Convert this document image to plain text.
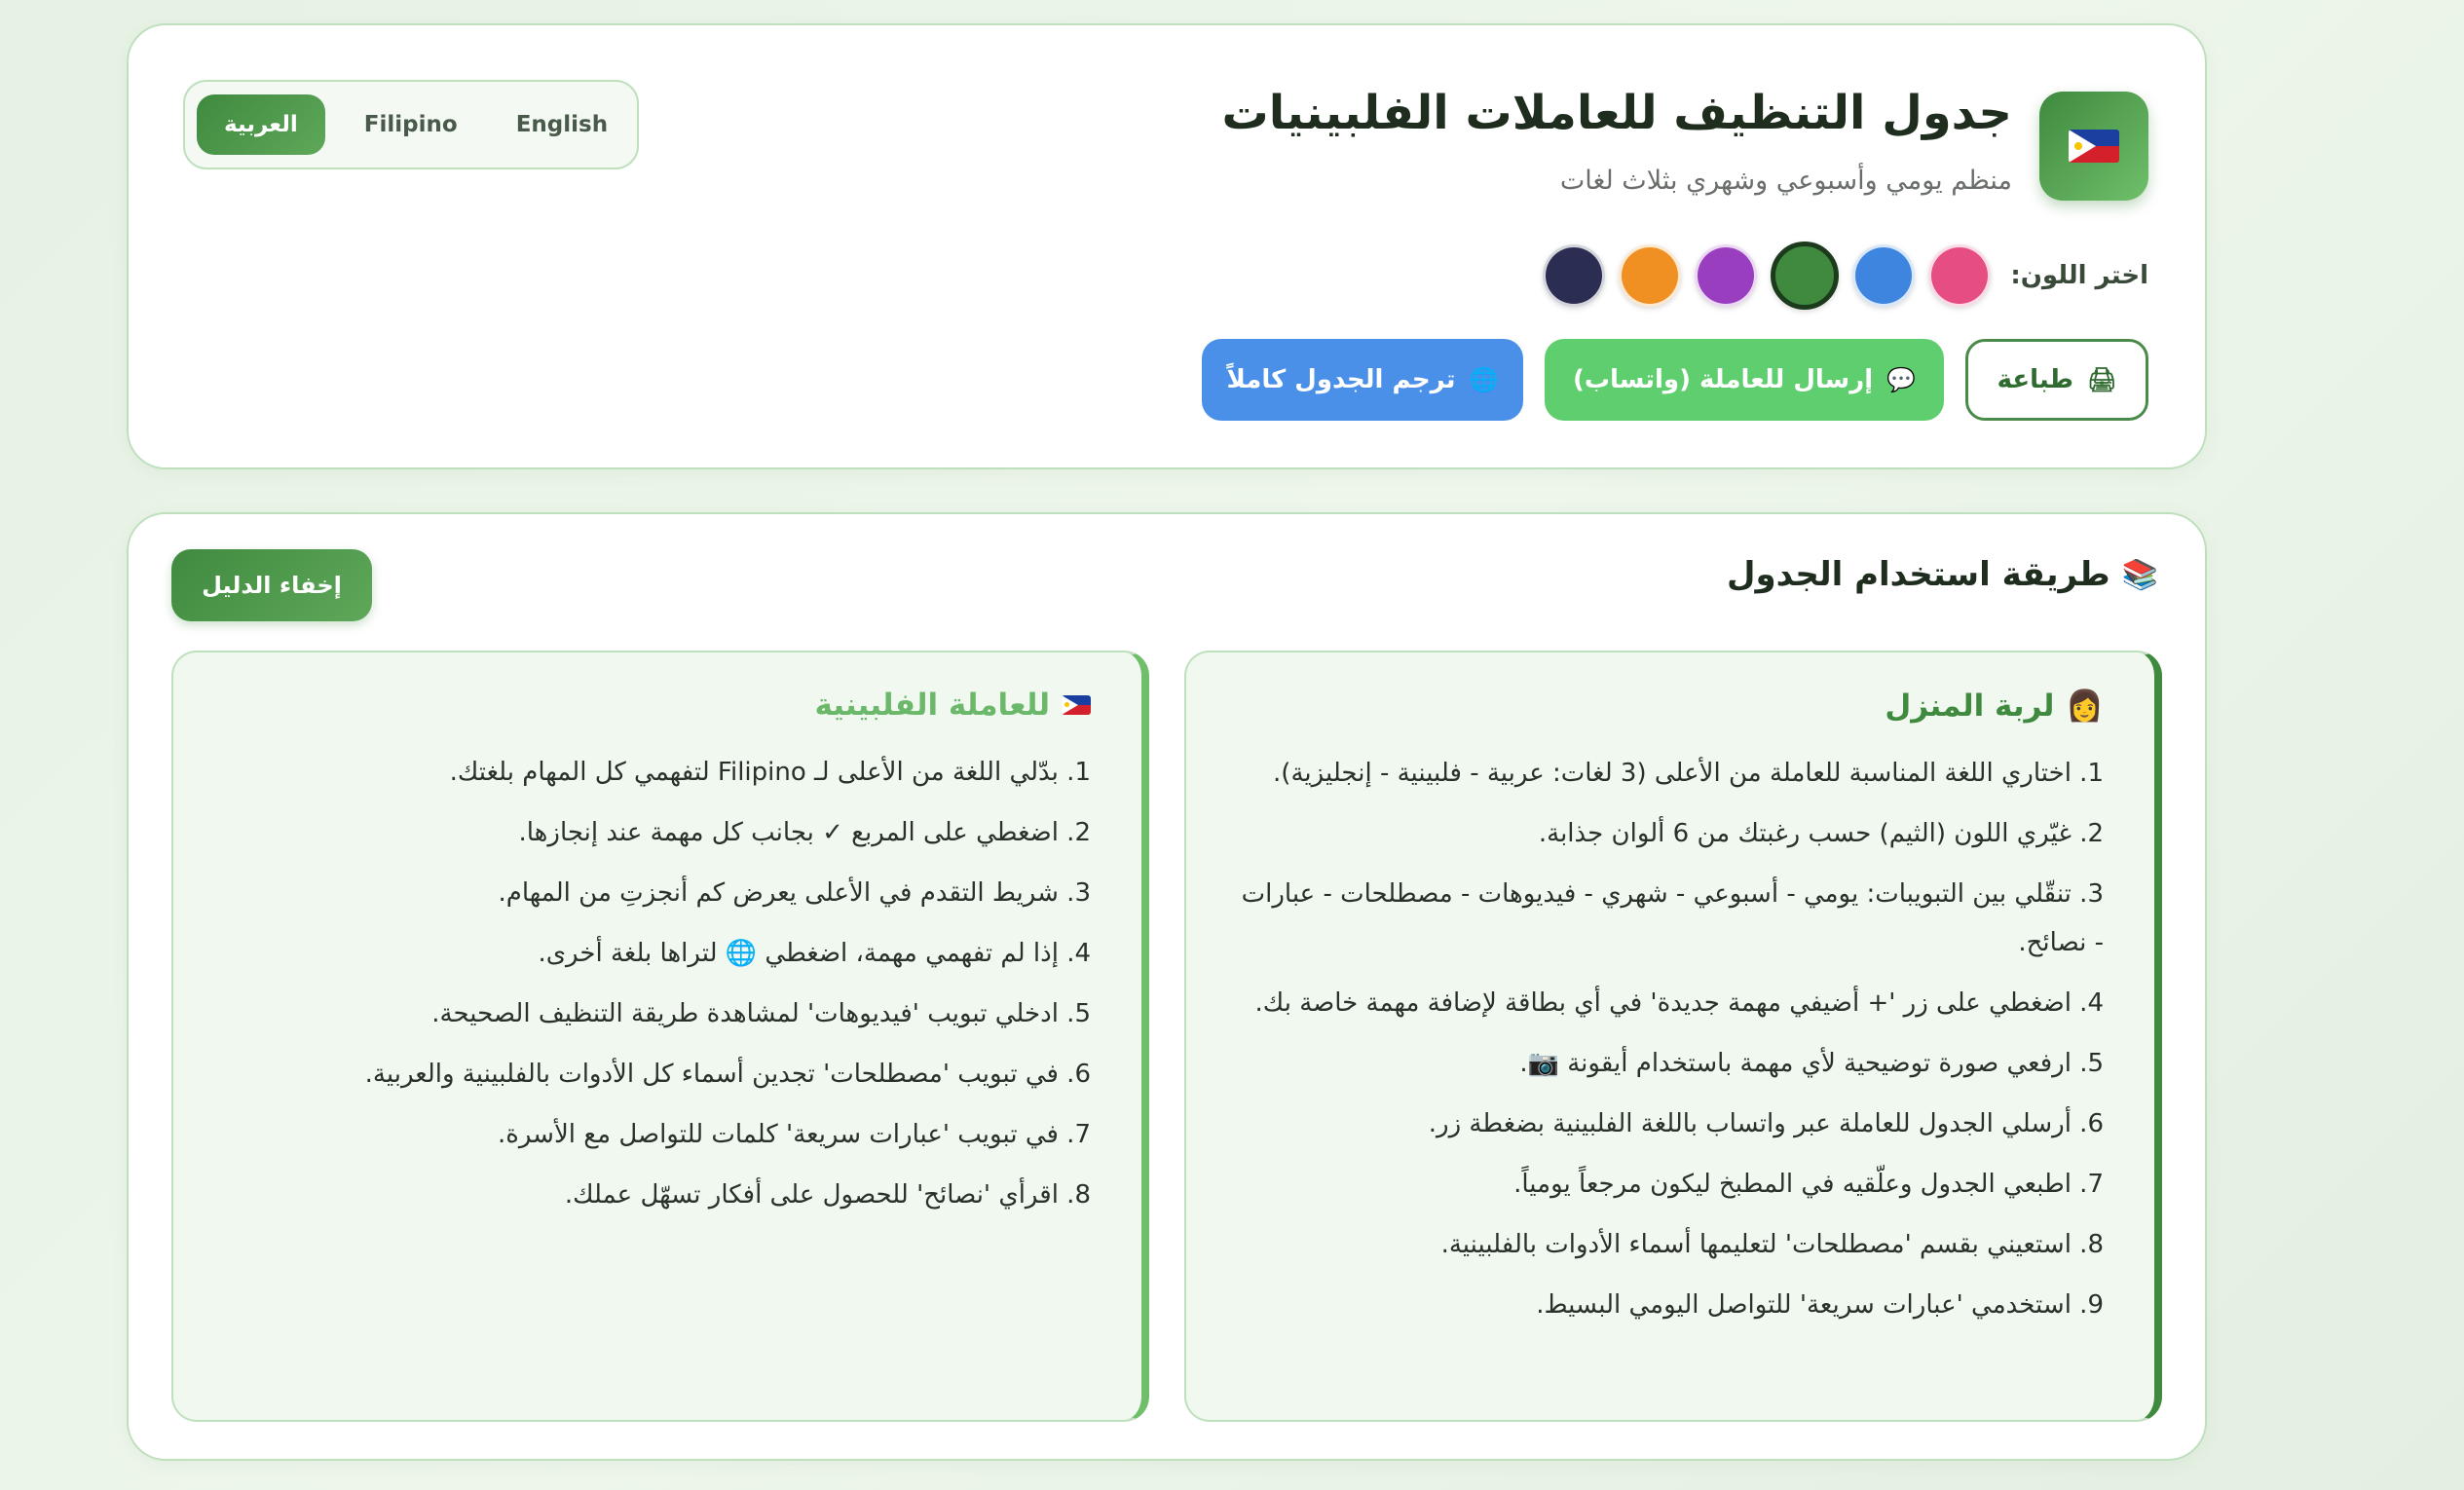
جدول التنظيف للعاملات الفلبينيات
منظم يومي وأسبوعي وشهري بثلاث لغات
العربية	Filipino	English
اختر اللون:
🖨
طباعة
💬
إرسال للعاملة (واتساب)
🌐
ترجم الجدول كاملاً
📚
طريقة استخدام الجدول
إخفاء الدليل
👩
لربة المنزل
1. اختاري اللغة المناسبة للعاملة من الأعلى (3 لغات: عربية - فلبينية - إنجليزية).
2. غيّري اللون (الثيم) حسب رغبتك من 6 ألوان جذابة.
3. تنقّلي بين التبويبات: يومي - أسبوعي - شهري - فيديوهات - مصطلحات - عبارات - نصائح.
4. اضغطي على زر '+ أضيفي مهمة جديدة' في أي بطاقة لإضافة مهمة خاصة بك.
5. ارفعي صورة توضيحية لأي مهمة باستخدام أيقونة 📷.
6. أرسلي الجدول للعاملة عبر واتساب باللغة الفلبينية بضغطة زر.
7. اطبعي الجدول وعلّقيه في المطبخ ليكون مرجعاً يومياً.
8. استعيني بقسم 'مصطلحات' لتعليمها أسماء الأدوات بالفلبينية.
9. استخدمي 'عبارات سريعة' للتواصل اليومي البسيط.
للعاملة الفلبينية
1. بدّلي اللغة من الأعلى لـ Filipino لتفهمي كل المهام بلغتك.
2. اضغطي على المربع ✓ بجانب كل مهمة عند إنجازها.
3. شريط التقدم في الأعلى يعرض كم أنجزتِ من المهام.
4. إذا لم تفهمي مهمة، اضغطي 🌐 لتراها بلغة أخرى.
5. ادخلي تبويب 'فيديوهات' لمشاهدة طريقة التنظيف الصحيحة.
6. في تبويب 'مصطلحات' تجدين أسماء كل الأدوات بالفلبينية والعربية.
7. في تبويب 'عبارات سريعة' كلمات للتواصل مع الأسرة.
8. اقرأي 'نصائح' للحصول على أفكار تسهّل عملك.
